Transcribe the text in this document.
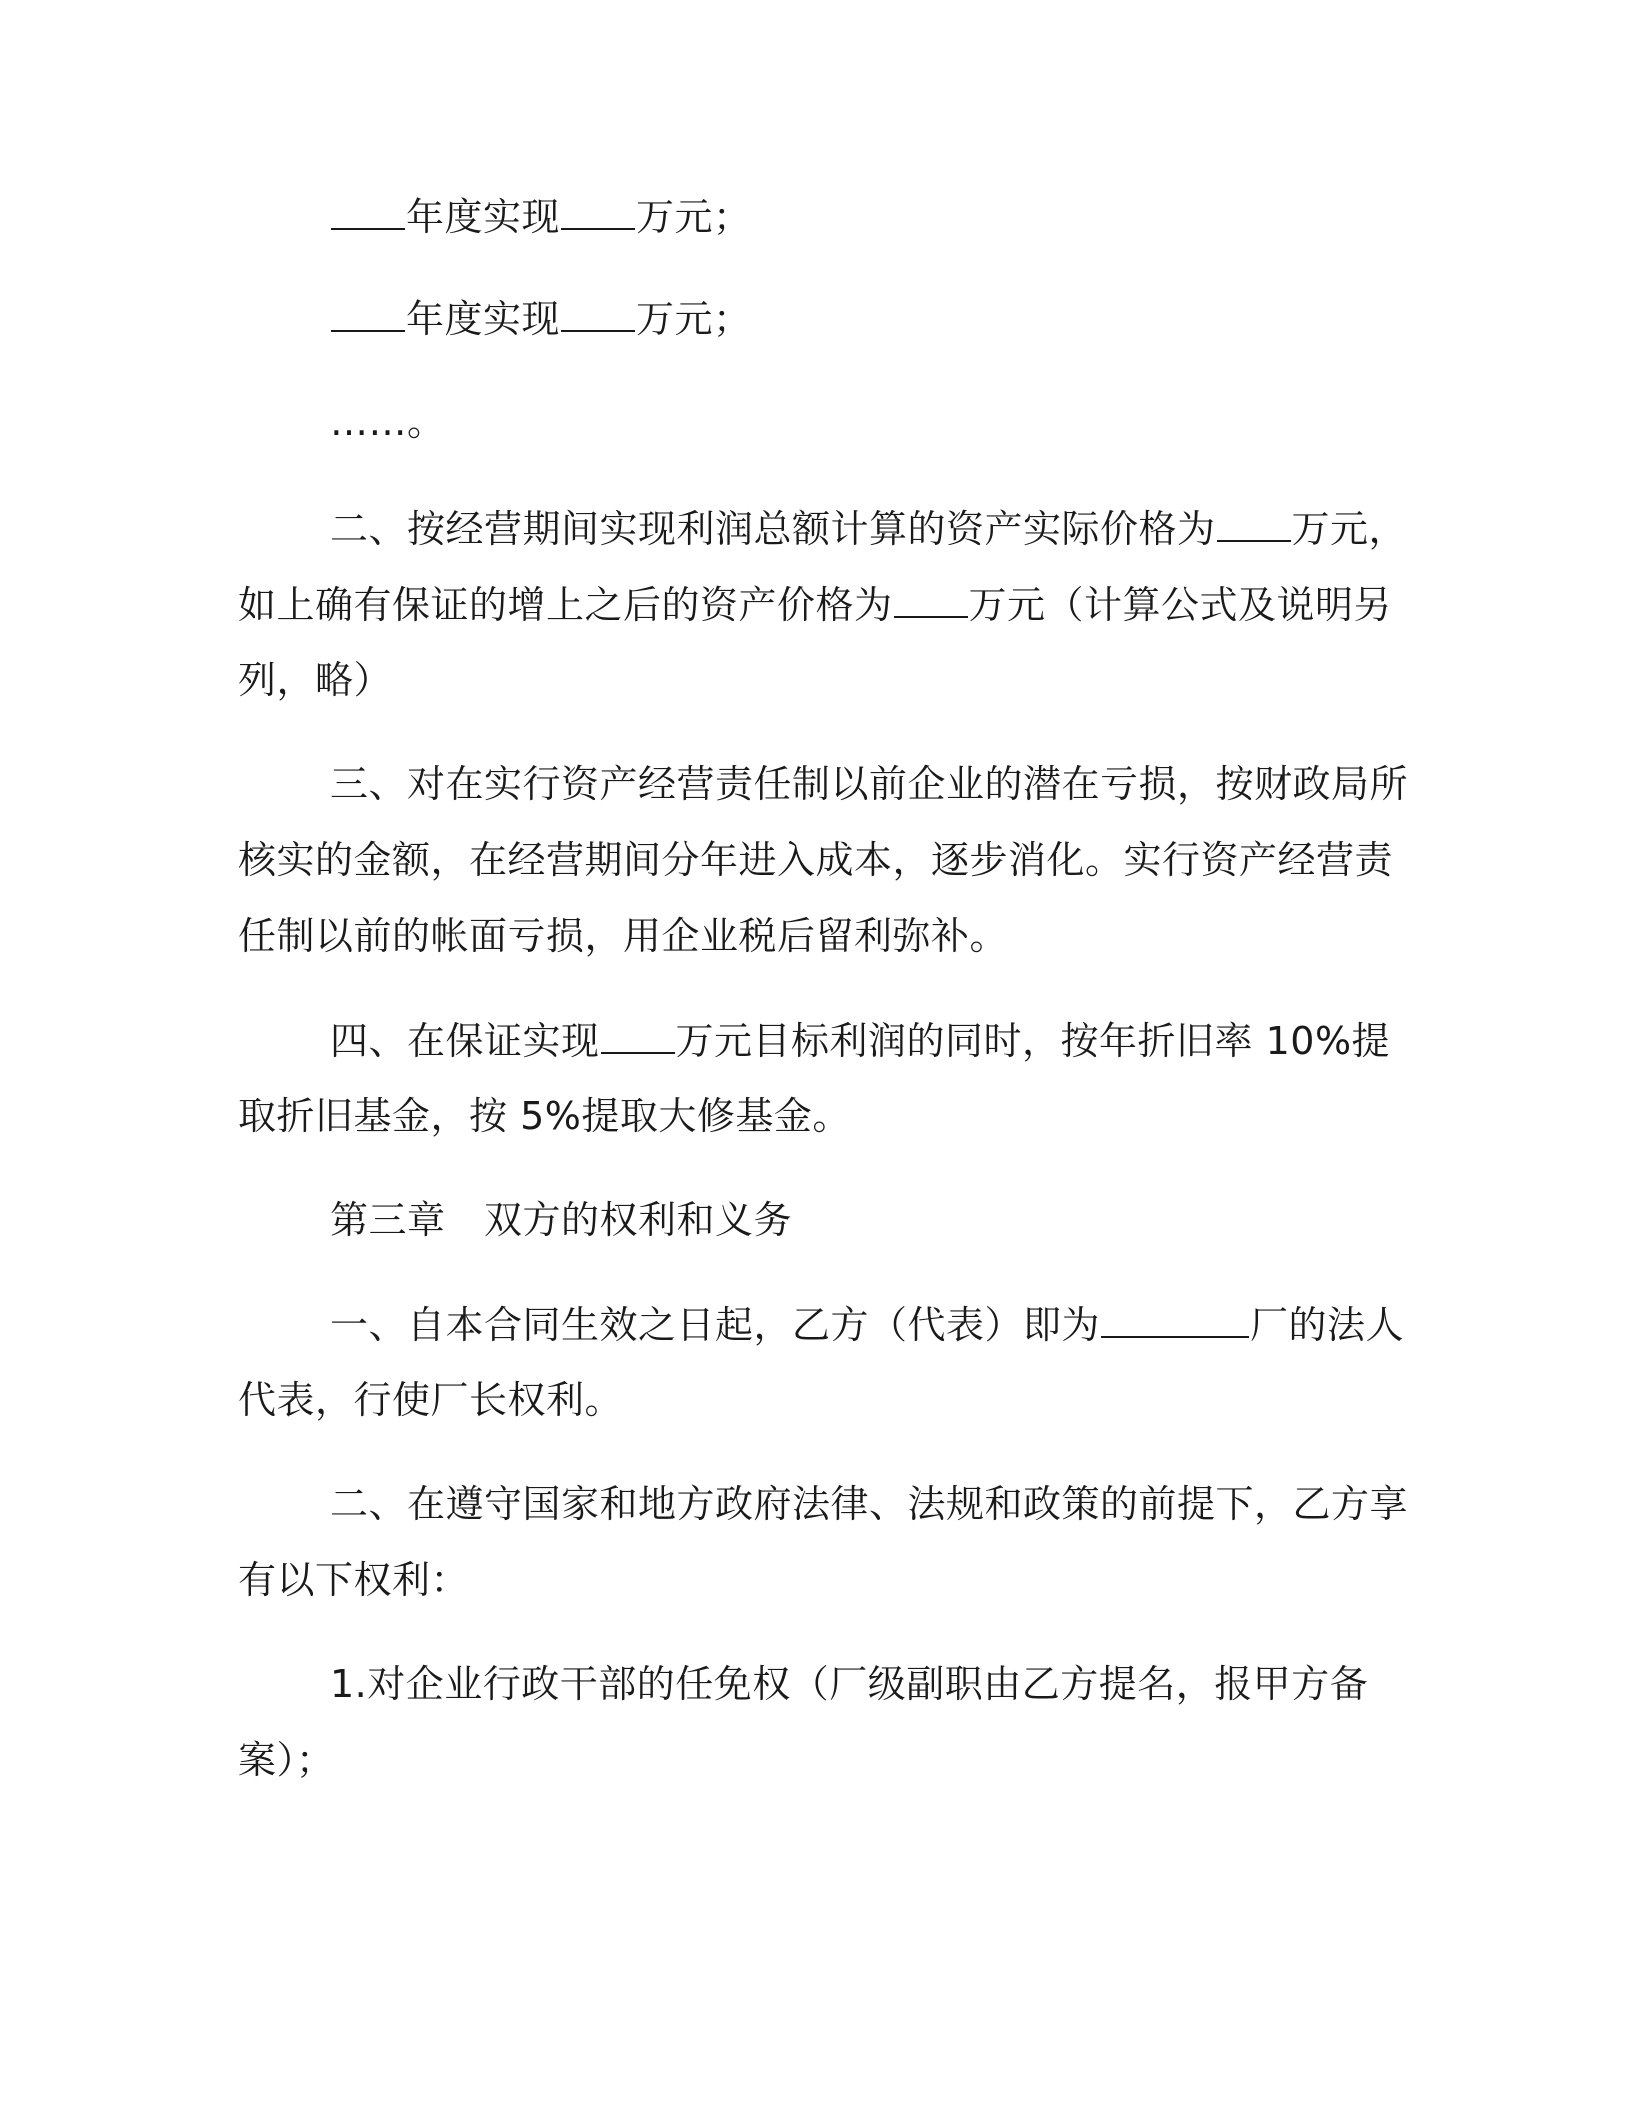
年度实现 万元；
年度实现 万元；
……。
二、按经营期间实现利润总额计算的资产实际价格为 万元，
如上确有保证的增上之后的资产价格为 万元（计算公式及说明另
列，略）
三、对在实行资产经营责任制以前企业的潜在亏损，按财政局所
核实的金额，在经营期间分年进入成本，逐步消化。实行资产经营责
任制以前的帐面亏损，用企业税后留利弥补。
四、在保证实现 万元目标利润的同时，按年折旧率 10%提
取折旧基金，按 5%提取大修基金。
第三章　双方的权利和义务
一、自本合同生效之日起，乙方（代表）即为	厂的法人
代表，行使厂长权利。
二、在遵守国家和地方政府法律、法规和政策的前提下，乙方享
有以下权利：
1.对企业行政干部的任免权（厂级副职由乙方提名，报甲方备
案）；
